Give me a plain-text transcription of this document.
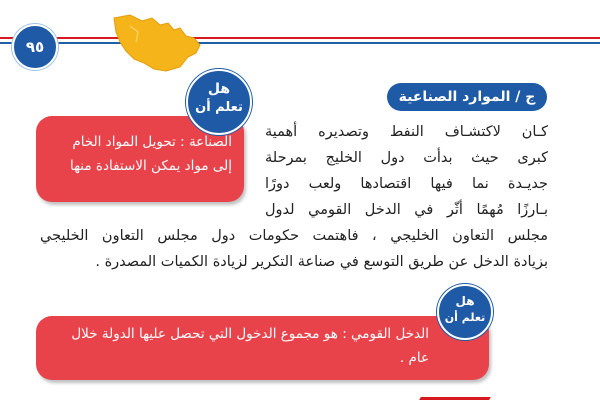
٩٥
ج / الموارد الصناعية
الصناعة : تحويل المواد الخام إلى مواد يمكن الاستفادة منها
هل
تعلم أن
كـان لاكتشـاف النفط وتصديره أهمية
كبرى حيث بدأت دول الخليج بمرحلة
جديـدة نما فيها اقتصادها ولعب دورًا
بـارزًا مُهمًا أثّر في الدخل القومي لدول
مجلس التعاون الخليجي ، فاهتمت حكومات دول مجلس التعاون الخليجي
بزيادة الدخل عن طريق التوسع في صناعة التكرير لزيادة الكميات المصدرة .
الدخل القومي : هو مجموع الدخول التي تحصل عليها الدولة خلال عام .
هل
تعلم أن
